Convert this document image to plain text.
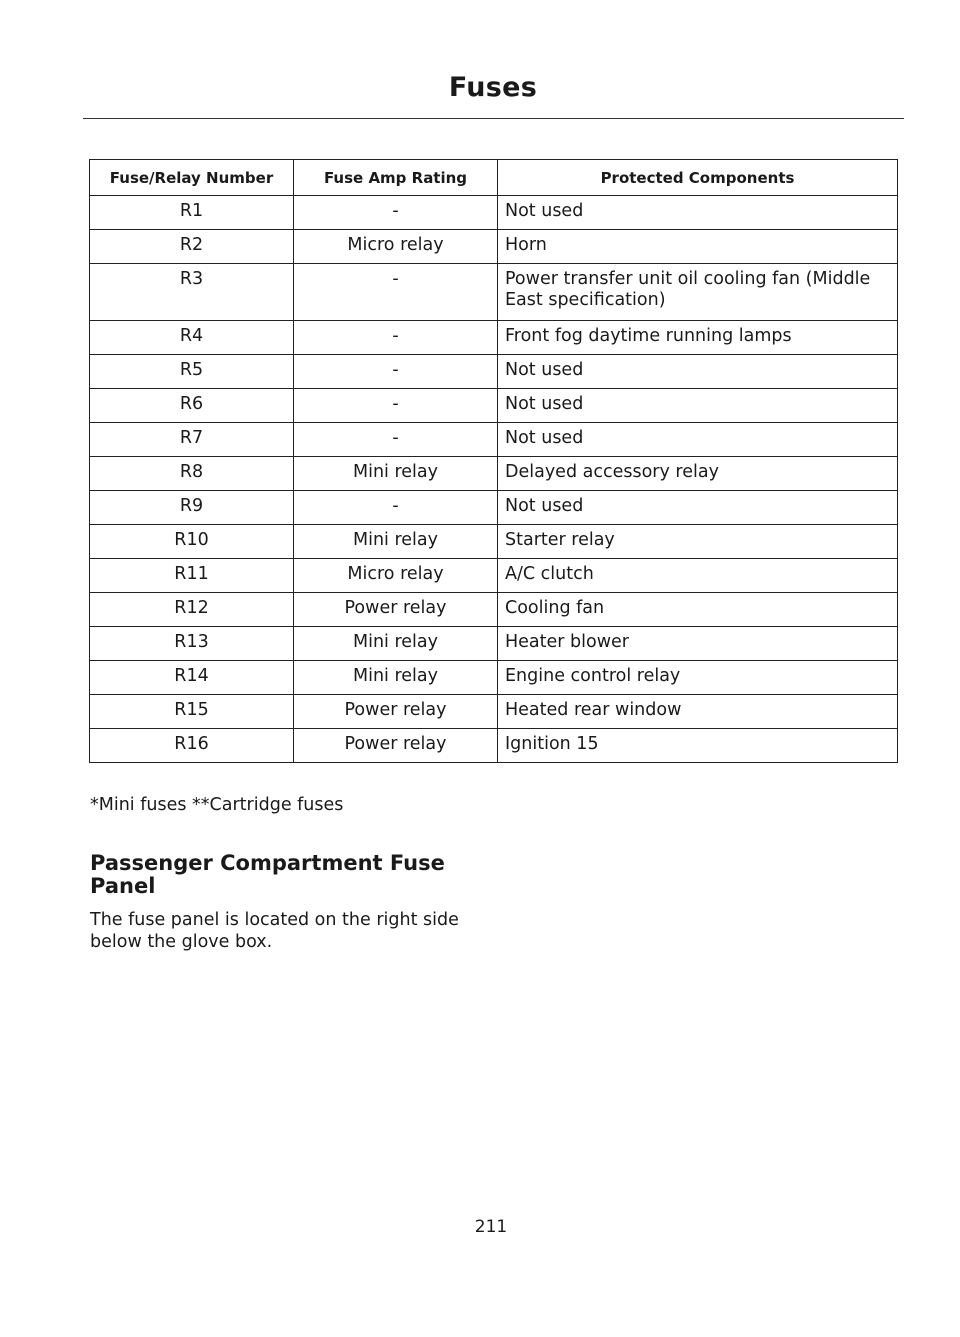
Fuses
Fuse/Relay Number	Fuse Amp Rating	Protected Components
R1	-	Not used
R2	Micro relay	Horn
R3	-	Power transfer unit oil cooling fan (Middle East specification)
R4	-	Front fog daytime running lamps
R5	-	Not used
R6	-	Not used
R7	-	Not used
R8	Mini relay	Delayed accessory relay
R9	-	Not used
R10	Mini relay	Starter relay
R11	Micro relay	A/C clutch
R12	Power relay	Cooling fan
R13	Mini relay	Heater blower
R14	Mini relay	Engine control relay
R15	Power relay	Heated rear window
R16	Power relay	Ignition 15
*Mini fuses **Cartridge fuses
Passenger Compartment Fuse Panel
The fuse panel is located on the right side below the glove box.
211
